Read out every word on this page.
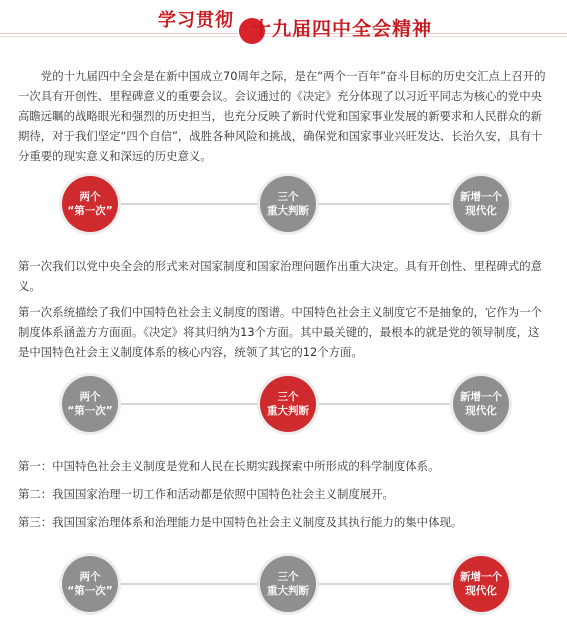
学习贯彻 十九届四中全会精神

党的十九届四中全会是在新中国成立70周年之际，是在“两个一百年”奋斗目标的历史交汇点上召开的一次具有开创性、里程碑意义的重要会议。会议通过的《决定》充分体现了以习近平同志为核心的党中央高瞻远瞩的战略眼光和强烈的历史担当，也充分反映了新时代党和国家事业发展的新要求和人民群众的新期待，对于我们坚定“四个自信”，战胜各种风险和挑战，确保党和国家事业兴旺发达、长治久安，具有十分重要的现实意义和深远的历史意义。

两个
“第一次”
三个
重大判断
新增一个
现代化

第一次我们以党中央全会的形式来对国家制度和国家治理问题作出重大决定。具有开创性、里程碑式的意义。

第一次系统描绘了我们中国特色社会主义制度的图谱。中国特色社会主义制度它不是抽象的，它作为一个制度体系涵盖方方面面。《决定》将其归纳为13个方面。其中最关键的，最根本的就是党的领导制度，这是中国特色社会主义制度体系的核心内容，统领了其它的12个方面。

两个
“第一次”
三个
重大判断
新增一个
现代化

第一：中国特色社会主义制度是党和人民在长期实践探索中所形成的科学制度体系。

第二：我国国家治理一切工作和活动都是依照中国特色社会主义制度展开。

第三：我国国家治理体系和治理能力是中国特色社会主义制度及其执行能力的集中体现。

两个
“第一次”
三个
重大判断
新增一个
现代化
